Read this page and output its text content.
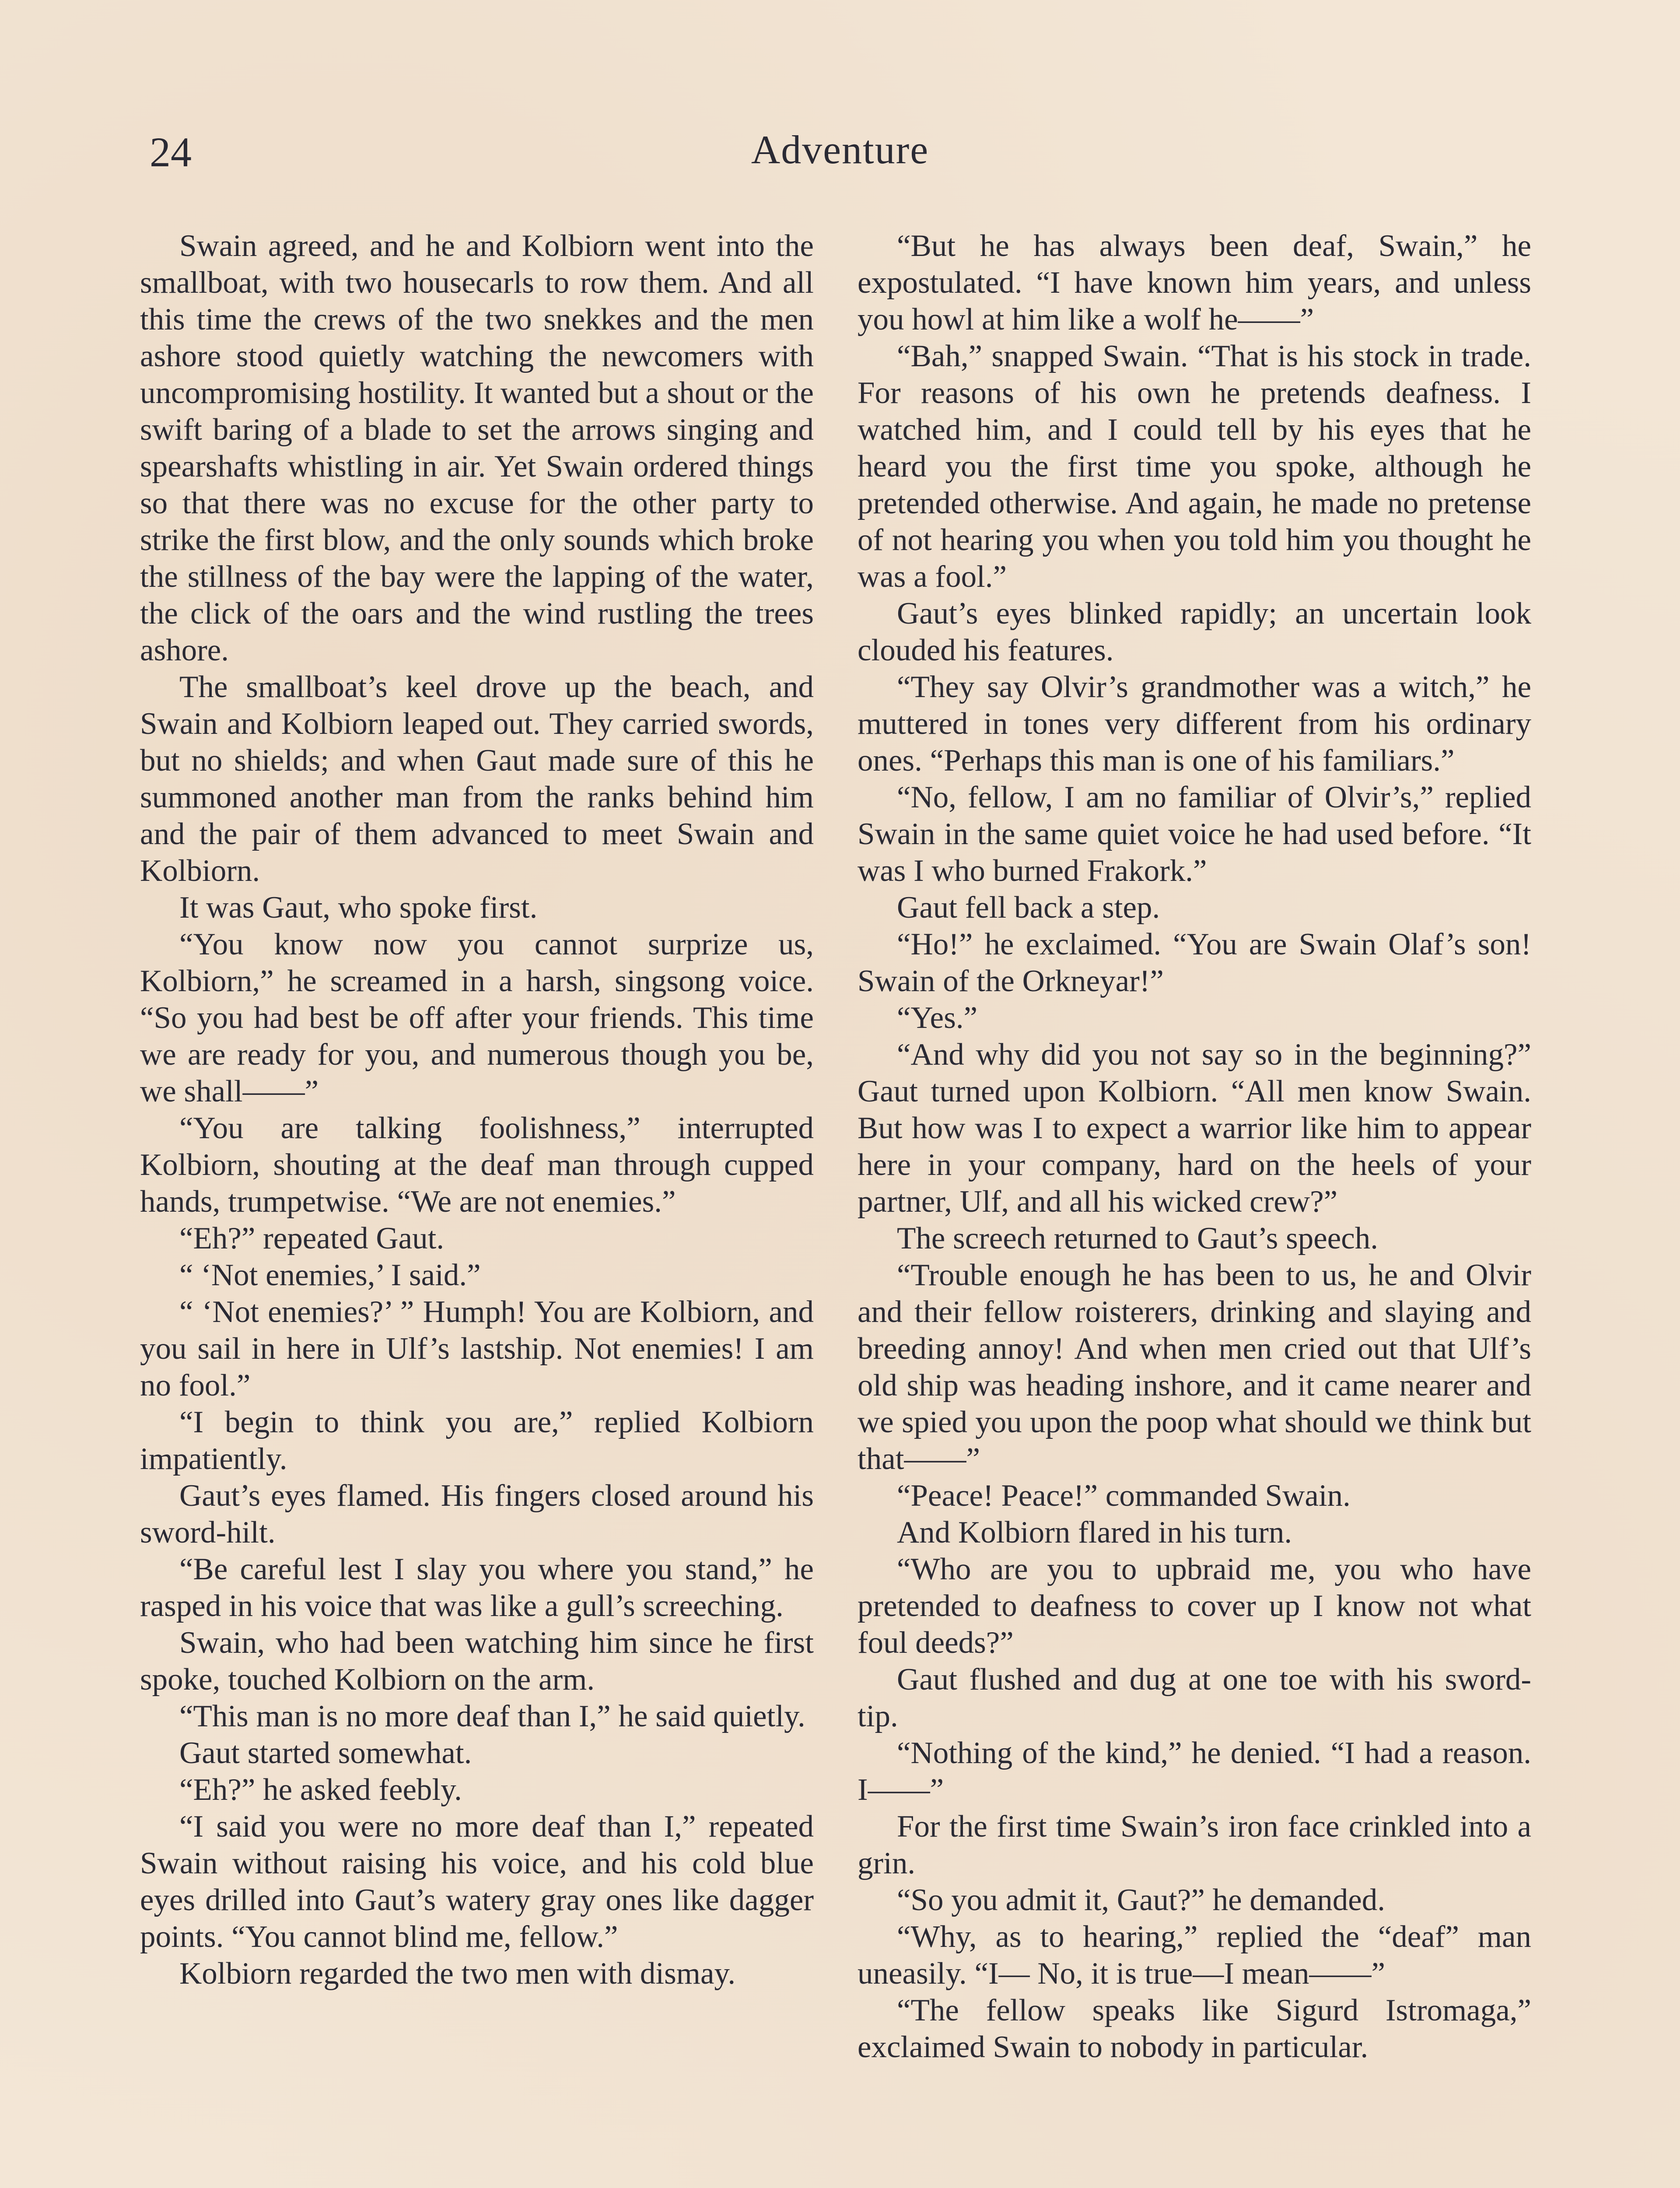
24	Adventure

Swain agreed, and he and Kolbiorn went into the smallboat, with two housecarls to row them. And all this time the crews of the two snekkes and the men ashore stood quietly watching the newcomers with uncompromising hostility. It wanted but a shout or the swift baring of a blade to set the arrows singing and spearshafts whistling in air. Yet Swain ordered things so that there was no excuse for the other party to strike the first blow, and the only sounds which broke the stillness of the bay were the lapping of the water, the click of the oars and the wind rustling the trees ashore.

The smallboat’s keel drove up the beach, and Swain and Kolbiorn leaped out. They carried swords, but no shields; and when Gaut made sure of this he summoned another man from the ranks behind him and the pair of them advanced to meet Swain and Kolbiorn.

It was Gaut, who spoke first.

“You know now you cannot surprize us, Kolbiorn,” he screamed in a harsh, singsong voice. “So you had best be off after your friends. This time we are ready for you, and numerous though you be, we shall——”

“You are talking foolishness,” interrupted Kolbiorn, shouting at the deaf man through cupped hands, trumpetwise. “We are not enemies.”

“Eh?” repeated Gaut.

“ ‘Not enemies,’ I said.”

“ ‘Not enemies?’ ” Humph! You are Kolbiorn, and you sail in here in Ulf’s lastship. Not enemies! I am no fool.”

“I begin to think you are,” replied Kolbiorn impatiently.

Gaut’s eyes flamed. His fingers closed around his sword-hilt.

“Be careful lest I slay you where you stand,” he rasped in his voice that was like a gull’s screeching.

Swain, who had been watching him since he first spoke, touched Kolbiorn on the arm.

“This man is no more deaf than I,” he said quietly.

Gaut started somewhat.

“Eh?” he asked feebly.

“I said you were no more deaf than I,” repeated Swain without raising his voice, and his cold blue eyes drilled into Gaut’s watery gray ones like dagger points. “You cannot blind me, fellow.”

Kolbiorn regarded the two men with dismay.

“But he has always been deaf, Swain,” he expostulated. “I have known him years, and unless you howl at him like a wolf he——”

“Bah,” snapped Swain. “That is his stock in trade. For reasons of his own he pretends deafness. I watched him, and I could tell by his eyes that he heard you the first time you spoke, although he pretended otherwise. And again, he made no pretense of not hearing you when you told him you thought he was a fool.”

Gaut’s eyes blinked rapidly; an uncertain look clouded his features.

“They say Olvir’s grandmother was a witch,” he muttered in tones very different from his ordinary ones. “Perhaps this man is one of his familiars.”

“No, fellow, I am no familiar of Olvir’s,” replied Swain in the same quiet voice he had used before. “It was I who burned Frakork.”

Gaut fell back a step.

“Ho!” he exclaimed. “You are Swain Olaf’s son! Swain of the Orkneyar!”

“Yes.”

“And why did you not say so in the beginning?” Gaut turned upon Kolbiorn. “All men know Swain. But how was I to expect a warrior like him to appear here in your company, hard on the heels of your partner, Ulf, and all his wicked crew?”

The screech returned to Gaut’s speech.

“Trouble enough he has been to us, he and Olvir and their fellow roisterers, drinking and slaying and breeding annoy! And when men cried out that Ulf’s old ship was heading inshore, and it came nearer and we spied you upon the poop what should we think but that——”

“Peace! Peace!” commanded Swain.

And Kolbiorn flared in his turn.

“Who are you to upbraid me, you who have pretended to deafness to cover up I know not what foul deeds?”

Gaut flushed and dug at one toe with his sword-tip.

“Nothing of the kind,” he denied. “I had a reason. I——”

For the first time Swain’s iron face crinkled into a grin.

“So you admit it, Gaut?” he demanded.

“Why, as to hearing,” replied the “deaf” man uneasily. “I— No, it is true—I mean——”

“The fellow speaks like Sigurd Istromaga,” exclaimed Swain to nobody in particular.
